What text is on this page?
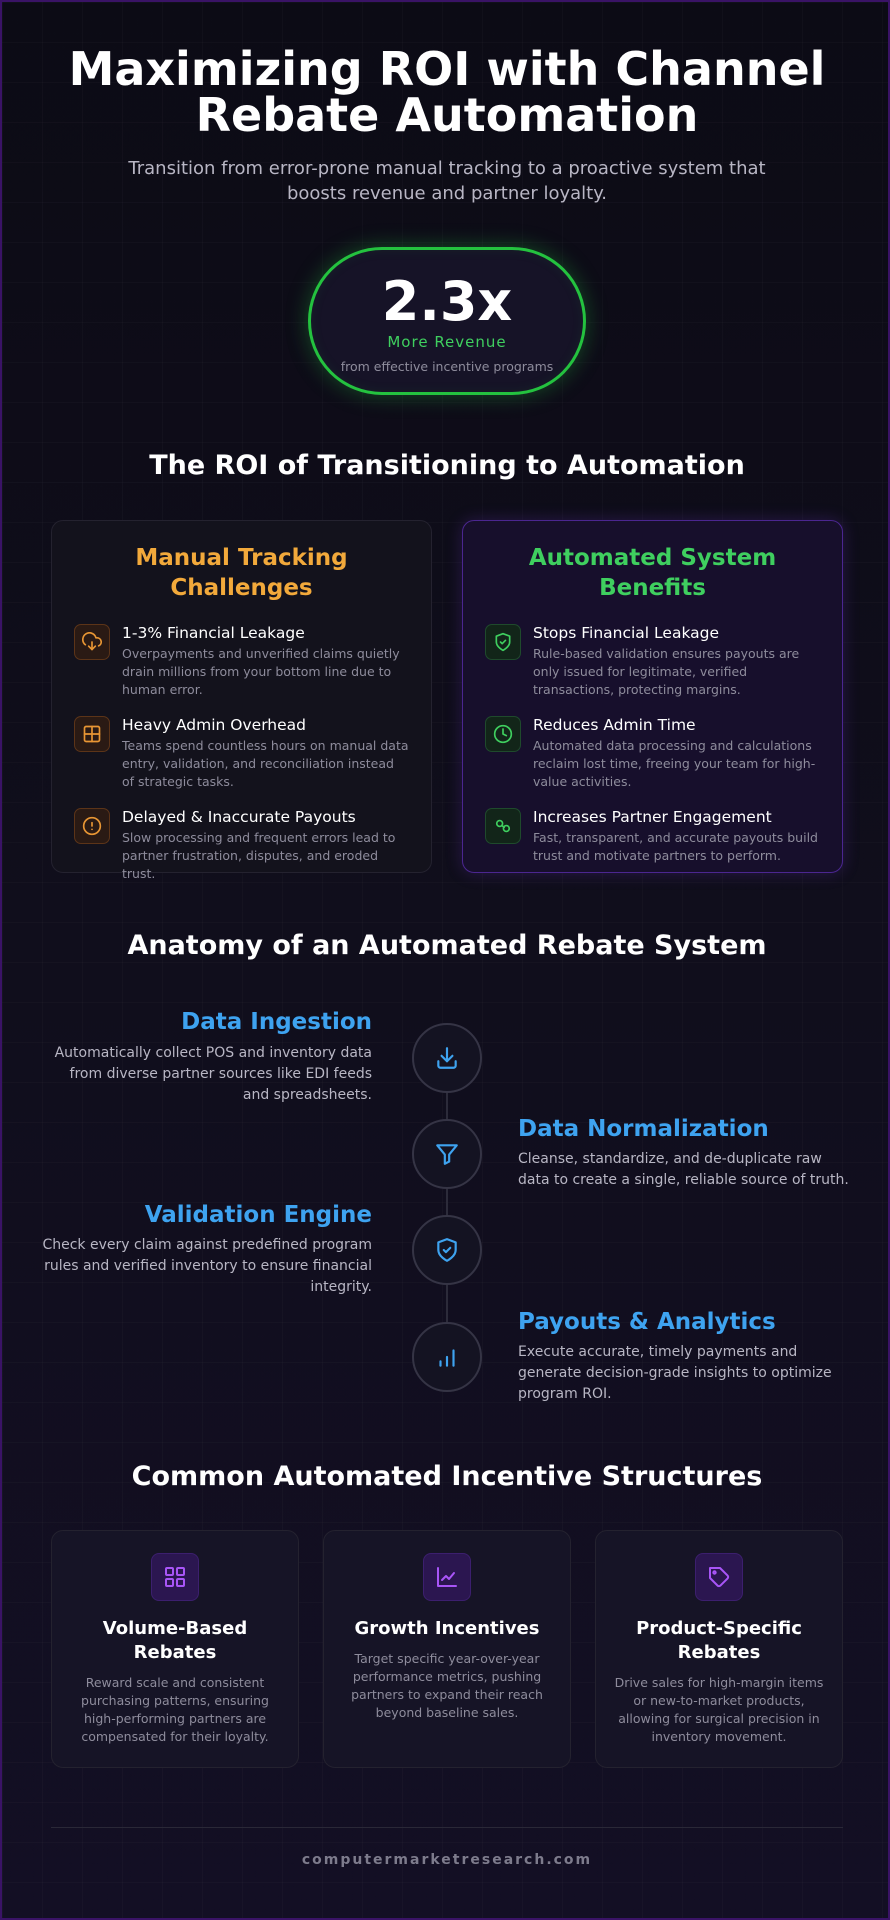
Maximizing ROI with Channel
Rebate Automation
Transition from error-prone manual tracking to a proactive system that boosts revenue and partner loyalty.
2.3x
More Revenue
from effective incentive programs
The ROI of Transitioning to Automation
Manual Tracking Challenges
1-3% Financial Leakage
Overpayments and unverified claims quietly drain millions from your bottom line due to human error.
Heavy Admin Overhead
Teams spend countless hours on manual data entry, validation, and reconciliation instead of strategic tasks.
Delayed & Inaccurate Payouts
Slow processing and frequent errors lead to partner frustration, disputes, and eroded trust.
Automated System Benefits
Stops Financial Leakage
Rule-based validation ensures payouts are only issued for legitimate, verified transactions, protecting margins.
Reduces Admin Time
Automated data processing and calculations reclaim lost time, freeing your team for high-value activities.
Increases Partner Engagement
Fast, transparent, and accurate payouts build trust and motivate partners to perform.
Anatomy of an Automated Rebate System
Data Ingestion
Automatically collect POS and inventory data from diverse partner sources like EDI feeds and spreadsheets.
Data Normalization
Cleanse, standardize, and de-duplicate raw data to create a single, reliable source of truth.
Validation Engine
Check every claim against predefined program rules and verified inventory to ensure financial integrity.
Payouts & Analytics
Execute accurate, timely payments and generate decision-grade insights to optimize program ROI.
Common Automated Incentive Structures
Volume-Based Rebates
Reward scale and consistent purchasing patterns, ensuring high-performing partners are compensated for their loyalty.
Growth Incentives
Target specific year-over-year performance metrics, pushing partners to expand their reach beyond baseline sales.
Product-Specific Rebates
Drive sales for high-margin items or new-to-market products, allowing for surgical precision in inventory movement.
computermarketresearch.com
